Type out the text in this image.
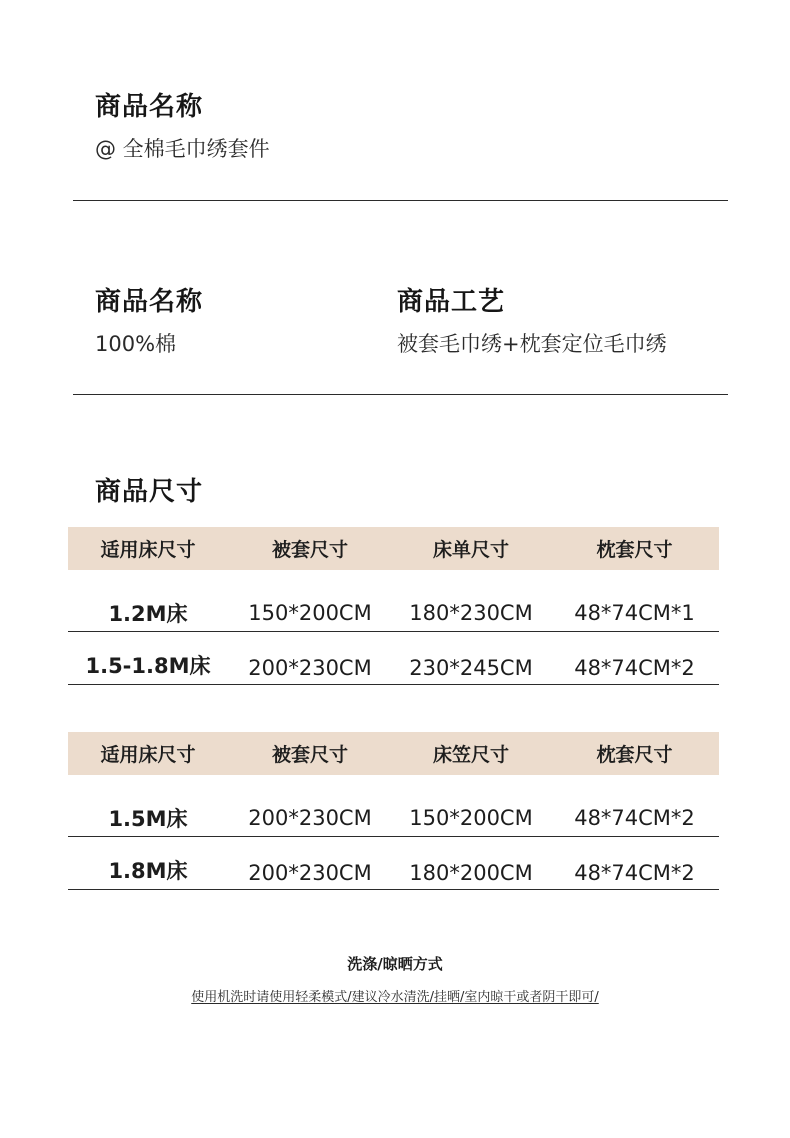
商品名称
@ 全棉毛巾绣套件
商品名称
100%棉
商品工艺
被套毛巾绣+枕套定位毛巾绣
商品尺寸
适用床尺寸	被套尺寸	床单尺寸	枕套尺寸
1.2M床	150*200CM	180*230CM	48*74CM*1
1.5-1.8M床	200*230CM	230*245CM	48*74CM*2
适用床尺寸	被套尺寸	床笠尺寸	枕套尺寸
1.5M床	200*230CM	150*200CM	48*74CM*2
1.8M床	200*230CM	180*200CM	48*74CM*2
洗涤/晾晒方式
使用机洗时请使用轻柔模式/建议冷水清洗/挂晒/室内晾干或者阴干即可/
